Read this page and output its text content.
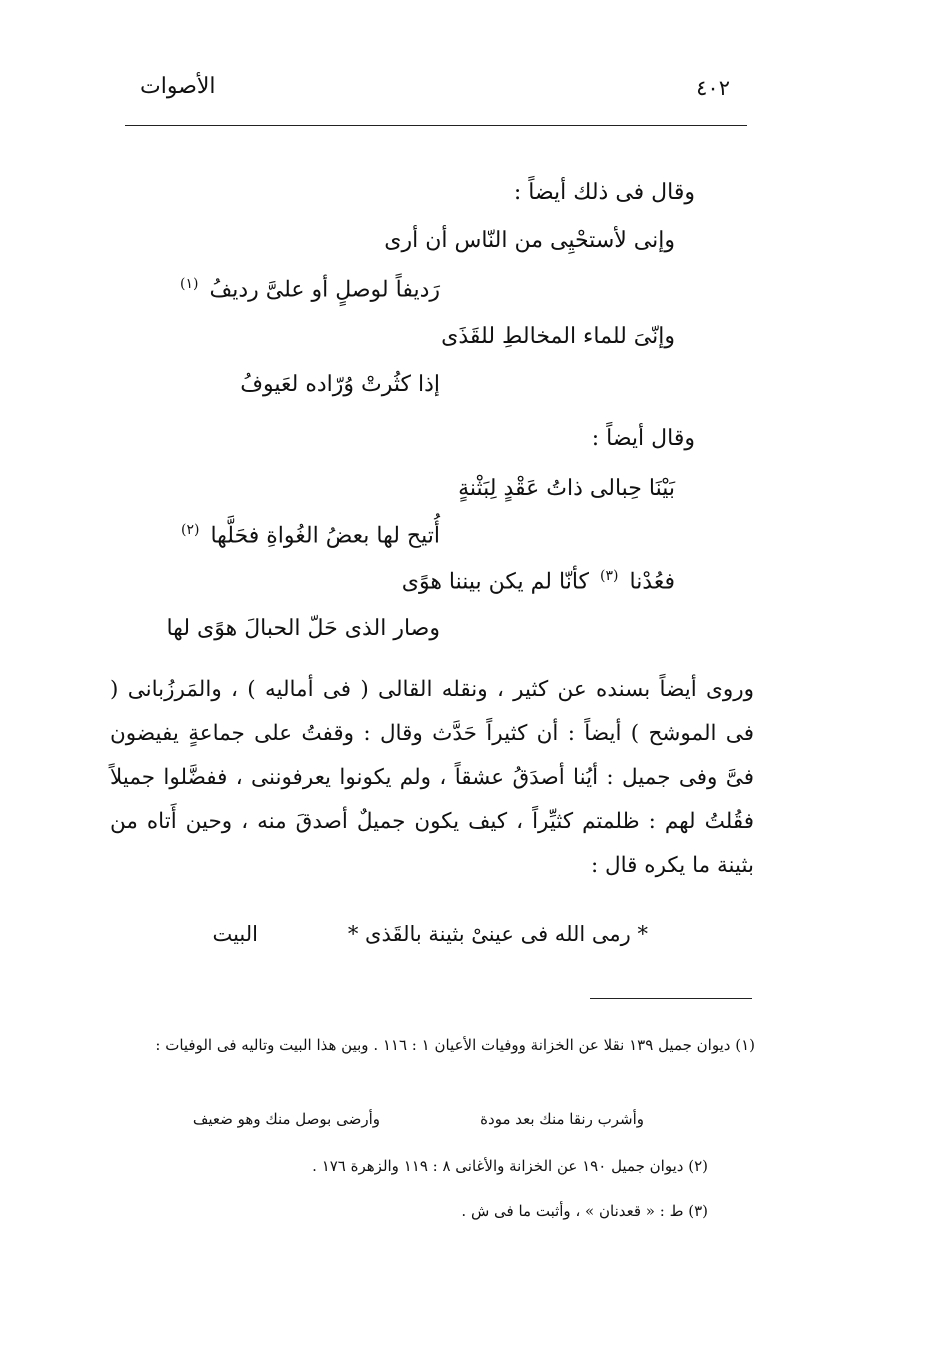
الأصوات	٤٠٢
وقال فى ذلك أيضاً :
وإنى لأستحْيِى من النّاس أن أرى
رَديفاً لوصلٍ أو علىَّ رديفُ $^{(١)}$
وإنّىَ للماء المخالطِ للقَذَى
إذا كثُرتْ وُرّاده لعَيوفُ
وقال أيضاً :
بَيْنَا حِبالى ذاتُ عَقْدٍ لِبَثْنةٍ
أُتيح لها بعضُ الغُواةِ فحَلَّها $^{(٢)}$
فعُدْنا $^{(٣)}$ كأنّا لم يكن بيننا هوًى
وصار الذى حَلّ الحبالَ هوًى لها

وروى أيضاً بسنده عن كثير ، ونقله القالى ( فى أماليه ) ، والمَرزُبانى ( فى الموشح ) أيضاً : أن كثيراً حَدَّث وقال : وقفتُ على جماعةٍ يفيضون فىَّ وفى جميل : أيُنا أصدَقُ عشقاً ، ولم يكونوا يعرفوننى ، ففضَّلوا جميلاً فقُلتُ لهم : ظلمتم كثيِّراً ، كيف يكون جميلٌ أصدقَ منه ، وحين أَتاه من بثينة ما يكره قال :

* رمى الله فى عينىْ بثينة بالقَذى *
البيت

(١) ديوان جميل ١٣٩ نقلا عن الخزانة ووفيات الأعيان ١ : ١١٦ . وبين هذا البيت وتاليه فى الوفيات :

وأشرب رنقا منك بعد مودة
وأرضى بوصل منك وهو ضعيف
(٢) ديوان جميل ١٩٠ عن الخزانة والأغانى ٨ : ١١٩ والزهرة ١٧٦ .
(٣) ط : « قعدنان » ، وأثبت ما فى ش .
